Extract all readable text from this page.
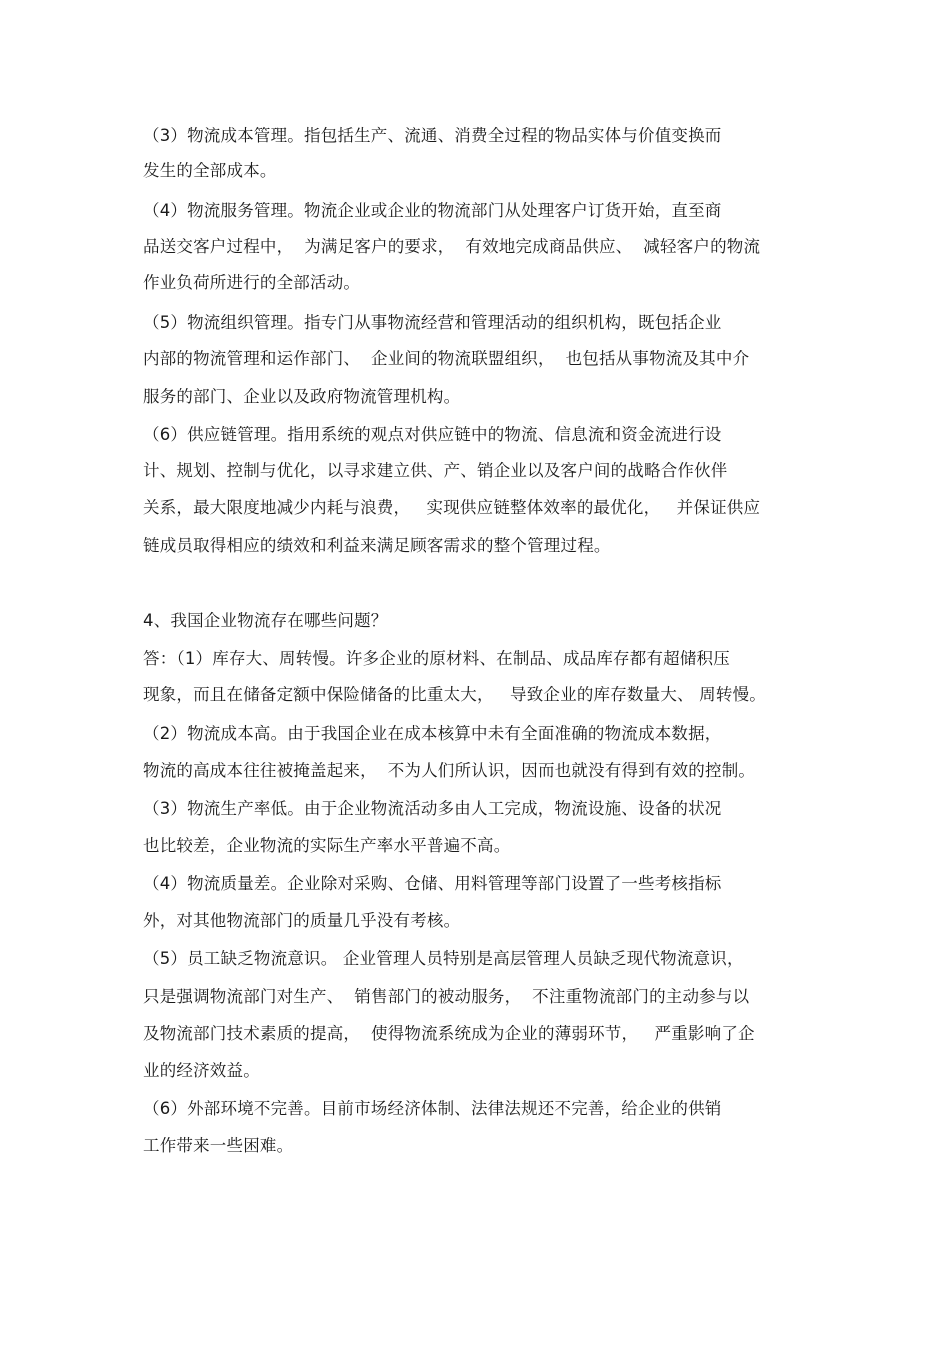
（3）物流成本管理。指包括生产、流通、消费全过程的物品实体与价值变换而
发生的全部成本。
（4）物流服务管理。物流企业或企业的物流部门从处理客户订货开始，直至商
品送交客户过程中，  为满足客户的要求，  有效地完成商品供应、  减轻客户的物流
作业负荷所进行的全部活动。
（5）物流组织管理。指专门从事物流经营和管理活动的组织机构，既包括企业
内部的物流管理和运作部门、  企业间的物流联盟组织，  也包括从事物流及其中介
服务的部门、企业以及政府物流管理机构。
（6）供应链管理。指用系统的观点对供应链中的物流、信息流和资金流进行设
计、规划、控制与优化，以寻求建立供、产、销企业以及客户间的战略合作伙伴
关系，最大限度地减少内耗与浪费，   实现供应链整体效率的最优化，   并保证供应
链成员取得相应的绩效和利益来满足顾客需求的整个管理过程。
4、我国企业物流存在哪些问题？
答：（1）库存大、周转慢。许多企业的原材料、在制品、成品库存都有超储积压
现象，而且在储备定额中保险储备的比重太大，   导致企业的库存数量大、 周转慢。
（2）物流成本高。由于我国企业在成本核算中未有全面准确的物流成本数据，
物流的高成本往往被掩盖起来，  不为人们所认识，因而也就没有得到有效的控制。
（3）物流生产率低。由于企业物流活动多由人工完成，物流设施、设备的状况
也比较差，企业物流的实际生产率水平普遍不高。
（4）物流质量差。企业除对采购、仓储、用料管理等部门设置了一些考核指标
外，对其他物流部门的质量几乎没有考核。
（5）员工缺乏物流意识。 企业管理人员特别是高层管理人员缺乏现代物流意识，
只是强调物流部门对生产、  销售部门的被动服务，  不注重物流部门的主动参与以
及物流部门技术素质的提高，  使得物流系统成为企业的薄弱环节，   严重影响了企
业的经济效益。
（6）外部环境不完善。目前市场经济体制、法律法规还不完善，给企业的供销
工作带来一些困难。
